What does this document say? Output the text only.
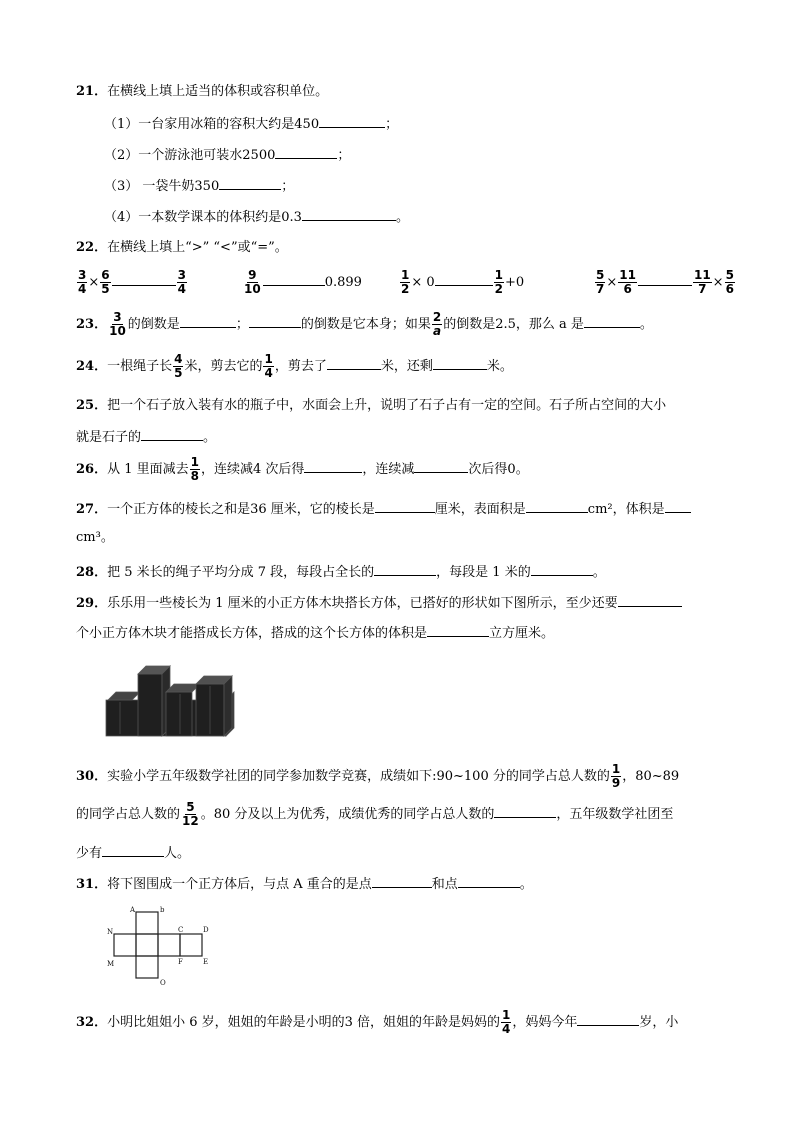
21．在横线上填上适当的体积或容积单位。
（1）一台家用冰箱的容积大约是450	；
（2）一个游泳池可装水2500	；
（3） 一袋牛奶350	；
（4）一本数学课本的体积约是0.3	。
22．在横线上填上“>” “<”或“=”。
$\frac{3}{4} \times \frac{6}{5}$	$\frac{3}{4}$	$\frac{9}{10}$	0.899	$\frac{1}{2} \times 0$	$\frac{1}{2} +0$	$\frac{5}{7} \times \frac{11}{6}$	$\frac{11}{7} \times \frac{5}{6}$
23． $\frac{3}{10}$ 的倒数是	；	的倒数是它本身；如果 $\frac{2}{a}$ 的倒数是2.5，那么 a 是	。
24．一根绳子长 $\frac{4}{5}$ 米，剪去它的 $\frac{1}{4}$ ，剪去了	米，还剩	米。
25．把一个石子放入装有水的瓶子中，水面会上升，说明了石子占有一定的空间。石子所占空间的大小
就是石子的	。
26．从 1 里面减去 $\frac{1}{8}$ ，连续减4 次后得	，连续减	次后得0。
27．一个正方体的棱长之和是36 厘米，它的棱长是	厘米，表面积是	cm²，体积是
cm³。
28．把 5 米长的绳子平均分成 7 段，每段占全长的	，每段是 1 米的	。
29．乐乐用一些棱长为 1 厘米的小正方体木块搭长方体，已搭好的形状如下图所示，至少还要
个小正方体木块才能搭成长方体，搭成的这个长方体的体积是	立方厘米。
30．实验小学五年级数学社团的同学参加数学竞赛，成绩如下:90~100 分的同学占总人数的 $\frac{1}{9}$ ，80~89
的同学占总人数的 $\frac{5}{12}$ 。80 分及以上为优秀，成绩优秀的同学占总人数的	，五年级数学社团至
少有	人。
31．将下图围成一个正方体后，与点 A 重合的是点	和点	。
A	b
C	D
E
F
M
N
O
32．小明比姐姐小 6 岁，姐姐的年龄是小明的3 倍，姐姐的年龄是妈妈的 $\frac{1}{4}$ ，妈妈今年	岁，小
